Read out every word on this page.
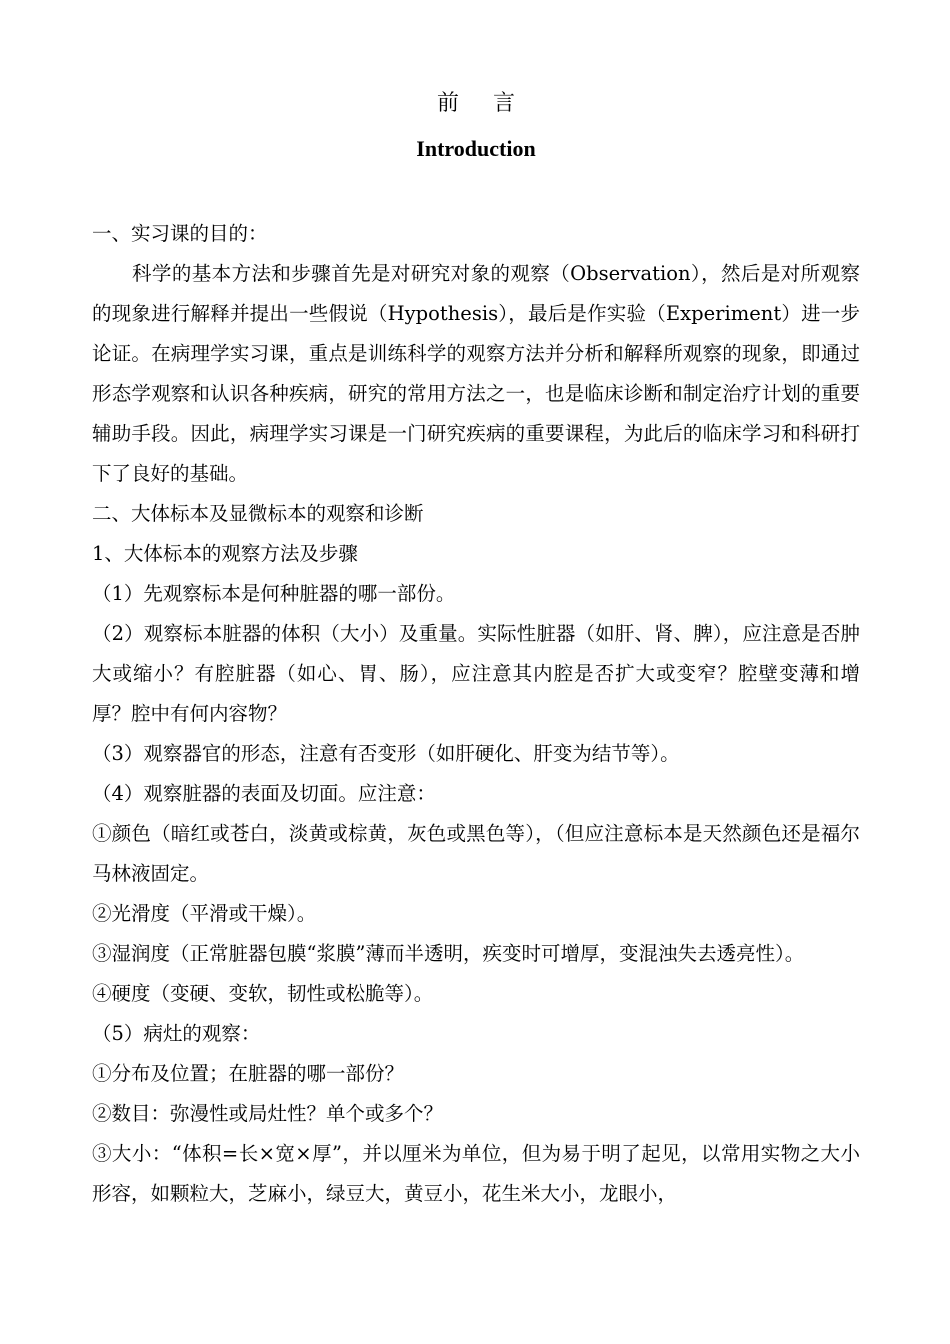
前言
Introduction

一、实习课的目的：

科学的基本方法和步骤首先是对研究对象的观察（Observation），然后是对所观察的现象进行解释并提出一些假说（Hypothesis），最后是作实验（Experiment）进一步论证。在病理学实习课，重点是训练科学的观察方法并分析和解释所观察的现象，即通过形态学观察和认识各种疾病，研究的常用方法之一，也是临床诊断和制定治疗计划的重要辅助手段。因此，病理学实习课是一门研究疾病的重要课程，为此后的临床学习和科研打下了良好的基础。

二、大体标本及显微标本的观察和诊断

1、大体标本的观察方法及步骤

（1）先观察标本是何种脏器的哪一部份。

（2）观察标本脏器的体积（大小）及重量。实际性脏器（如肝、肾、脾），应注意是否肿大或缩小？有腔脏器（如心、胃、肠），应注意其内腔是否扩大或变窄？腔壁变薄和增厚？腔中有何内容物？

（3）观察器官的形态，注意有否变形（如肝硬化、肝变为结节等）。

（4）观察脏器的表面及切面。应注意：

①颜色（暗红或苍白，淡黄或棕黄，灰色或黑色等），（但应注意标本是天然颜色还是福尔马林液固定。

②光滑度（平滑或干燥）。

③湿润度（正常脏器包膜“浆膜”薄而半透明，疾变时可增厚，变混浊失去透亮性）。

④硬度（变硬、变软，韧性或松脆等）。

（5）病灶的观察：

①分布及位置；在脏器的哪一部份？

②数目：弥漫性或局灶性？单个或多个？

③大小：“体积=长×宽×厚”，并以厘米为单位，但为易于明了起见，以常用实物之大小形容，如颗粒大，芝麻小，绿豆大，黄豆小，花生米大小，龙眼小，
